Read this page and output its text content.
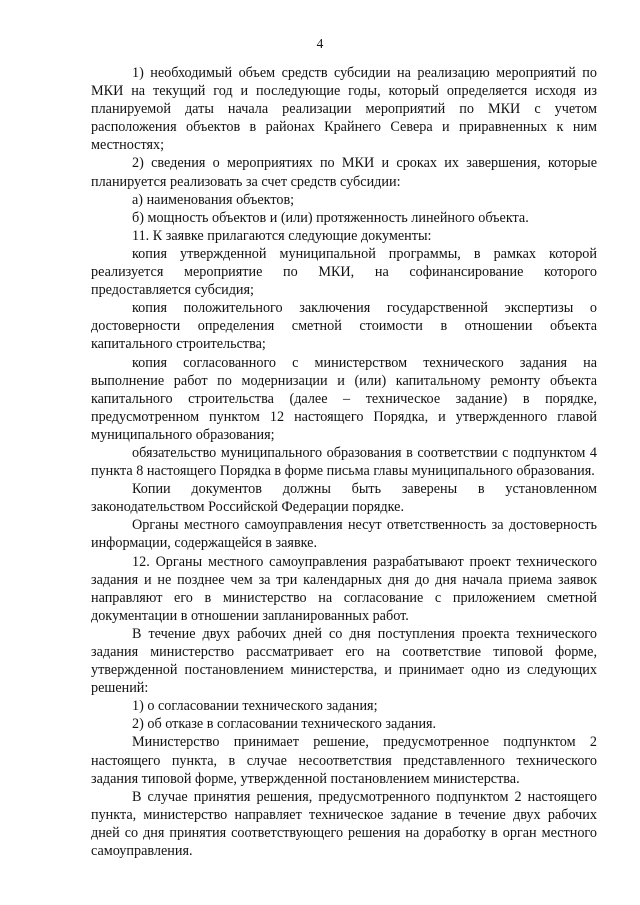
4

1) необходимый объем средств субсидии на реализацию мероприятий по МКИ на текущий год и последующие годы, который определяется исходя из планируемой даты начала реализации мероприятий по МКИ с учетом расположения объектов в районах Крайнего Севера и приравненных к ним местностях;

2) сведения о мероприятиях по МКИ и сроках их завершения, которые планируется реализовать за счет средств субсидии:

а) наименования объектов;

б) мощность объектов и (или) протяженность линейного объекта.

11. К заявке прилагаются следующие документы:

копия утвержденной муниципальной программы, в рамках которой реализуется мероприятие по МКИ, на софинансирование которого предоставляется субсидия;

копия положительного заключения государственной экспертизы о достоверности определения сметной стоимости в отношении объекта капитального строительства;

копия согласованного с министерством технического задания на выполнение работ по модернизации и (или) капитальному ремонту объекта капитального строительства (далее – техническое задание) в порядке, предусмотренном пунктом 12 настоящего Порядка, и утвержденного главой муниципального образования;

обязательство муниципального образования в соответствии с подпунктом 4 пункта 8 настоящего Порядка в форме письма главы муниципального образования.

Копии документов должны быть заверены в установленном законодательством Российской Федерации порядке.

Органы местного самоуправления несут ответственность за достоверность информации, содержащейся в заявке.

12. Органы местного самоуправления разрабатывают проект технического задания и не позднее чем за три календарных дня до дня начала приема заявок направляют его в министерство на согласование с приложением сметной документации в отношении запланированных работ.

В течение двух рабочих дней со дня поступления проекта технического задания министерство рассматривает его на соответствие типовой форме, утвержденной постановлением министерства, и принимает одно из следующих решений:

1) о согласовании технического задания;

2) об отказе в согласовании технического задания.

Министерство принимает решение, предусмотренное подпунктом 2 настоящего пункта, в случае несоответствия представленного технического задания типовой форме, утвержденной постановлением министерства.

В случае принятия решения, предусмотренного подпунктом 2 настоящего пункта, министерство направляет техническое задание в течение двух рабочих дней со дня принятия соответствующего решения на доработку в орган местного самоуправления.
